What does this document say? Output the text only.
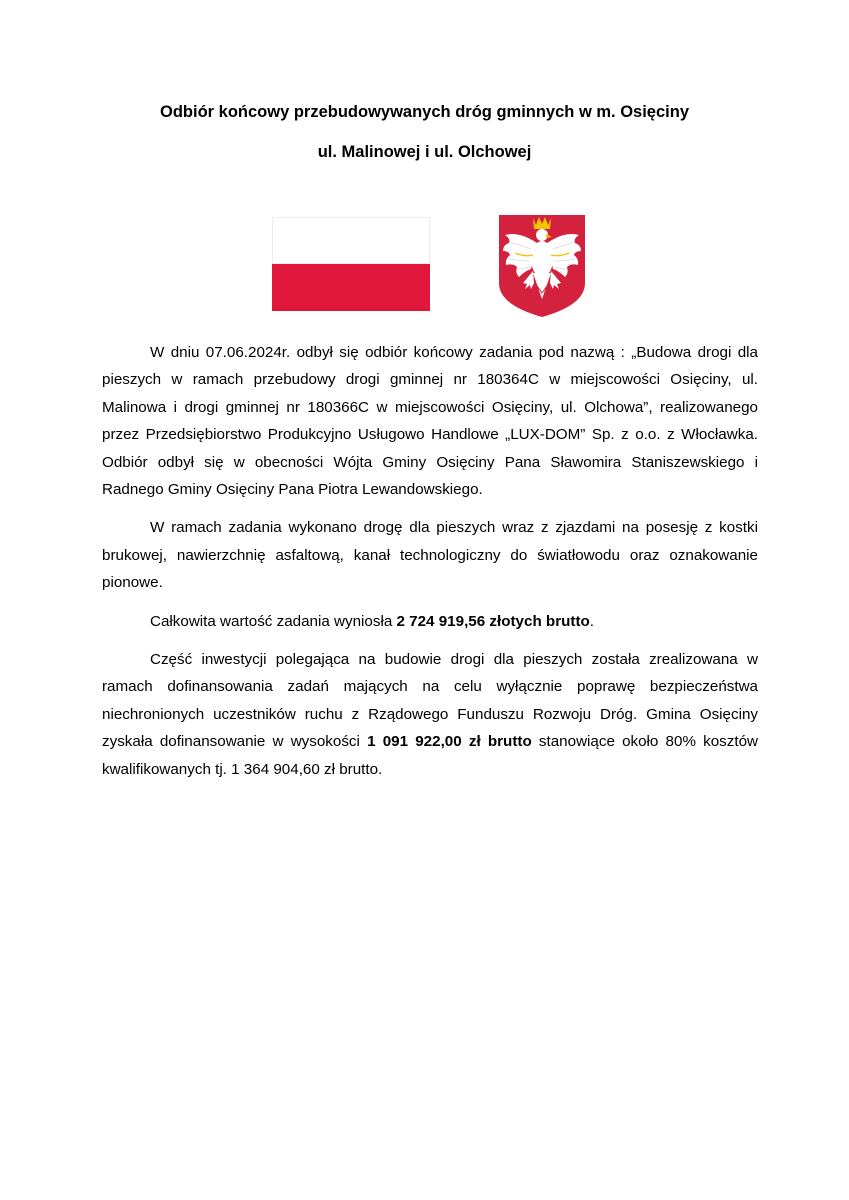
Odbiór końcowy przebudowywanych dróg gminnych w m. Osięciny
ul. Malinowej i ul. Olchowej

W dniu 07.06.2024r. odbył się odbiór końcowy zadania pod nazwą : „Budowa drogi dla pieszych w ramach przebudowy drogi gminnej nr 180364C w miejscowości Osięciny, ul. Malinowa i drogi gminnej nr 180366C w miejscowości Osięciny, ul. Olchowa”, realizowanego przez Przedsiębiorstwo Produkcyjno Usługowo Handlowe „LUX-DOM” Sp. z o.o. z Włocławka. Odbiór odbył się w obecności Wójta Gminy Osięciny Pana Sławomira Staniszewskiego i Radnego Gminy Osięciny Pana Piotra Lewandowskiego.

W ramach zadania wykonano drogę dla pieszych wraz z zjazdami na posesję z kostki brukowej, nawierzchnię asfaltową, kanał technologiczny do światłowodu oraz oznakowanie pionowe.

Całkowita wartość zadania wyniosła 2 724 919,56 złotych brutto.

Część inwestycji polegająca na budowie drogi dla pieszych została zrealizowana w ramach dofinansowania zadań mających na celu wyłącznie poprawę bezpieczeństwa niechronionych uczestników ruchu z Rządowego Funduszu Rozwoju Dróg. Gmina Osięciny zyskała dofinansowanie w wysokości 1 091 922,00 zł brutto stanowiące około 80% kosztów kwalifikowanych tj. 1 364 904,60 zł brutto.
